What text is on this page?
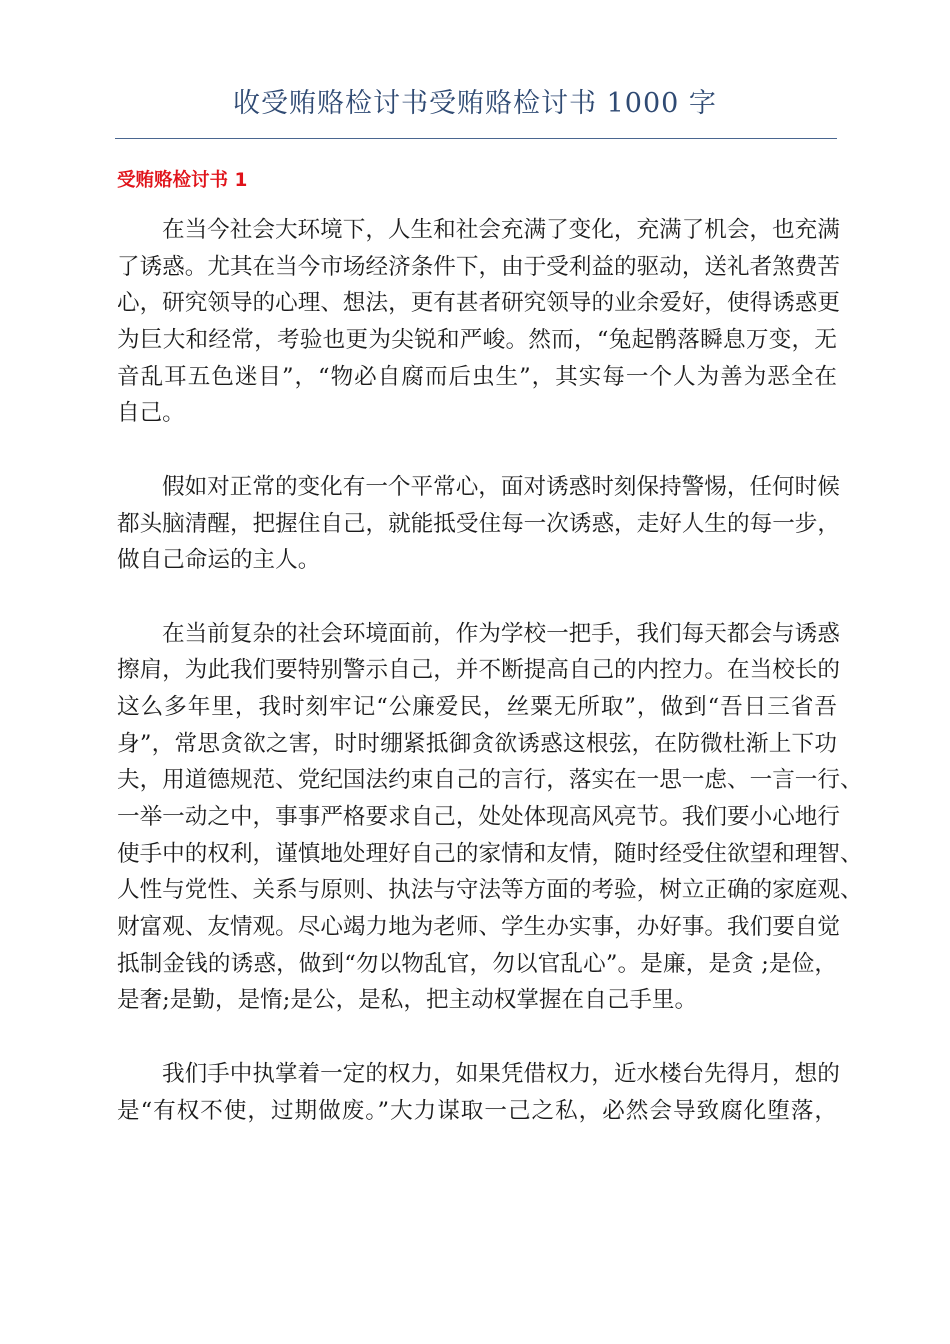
收受贿赂检讨书受贿赂检讨书 1000 字
受贿赂检讨书 1
在当今社会大环境下，人生和社会充满了变化，充满了机会，也充满
了诱惑。尤其在当今市场经济条件下，由于受利益的驱动，送礼者煞费苦
心，研究领导的心理、想法，更有甚者研究领导的业余爱好，使得诱惑更
为巨大和经常，考验也更为尖锐和严峻。然而，“兔起鹘落瞬息万变，无
音乱耳五色迷目”，“物必自腐而后虫生”，其实每一个人为善为恶全在
自己。
假如对正常的变化有一个平常心，面对诱惑时刻保持警惕，任何时候
都头脑清醒，把握住自己，就能抵受住每一次诱惑，走好人生的每一步，
做自己命运的主人。
在当前复杂的社会环境面前，作为学校一把手，我们每天都会与诱惑
擦肩，为此我们要特别警示自己，并不断提高自己的内控力。在当校长的
这么多年里，我时刻牢记“公廉爱民，丝粟无所取”，做到“吾日三省吾
身”，常思贪欲之害，时时绷紧抵御贪欲诱惑这根弦，在防微杜渐上下功
夫，用道德规范、党纪国法约束自己的言行，落实在一思一虑、一言一行、
一举一动之中，事事严格要求自己，处处体现高风亮节。我们要小心地行
使手中的权利，谨慎地处理好自己的家情和友情，随时经受住欲望和理智、
人性与党性、关系与原则、执法与守法等方面的考验，树立正确的家庭观、
财富观、友情观。尽心竭力地为老师、学生办实事，办好事。我们要自觉
抵制金钱的诱惑，做到“勿以物乱官，勿以官乱心”。是廉，是贪 ;是俭，
是奢;是勤，是惰;是公，是私，把主动权掌握在自己手里。
我们手中执掌着一定的权力，如果凭借权力，近水楼台先得月，想的
是“有权不使，过期做废。”大力谋取一己之私，必然会导致腐化堕落，
